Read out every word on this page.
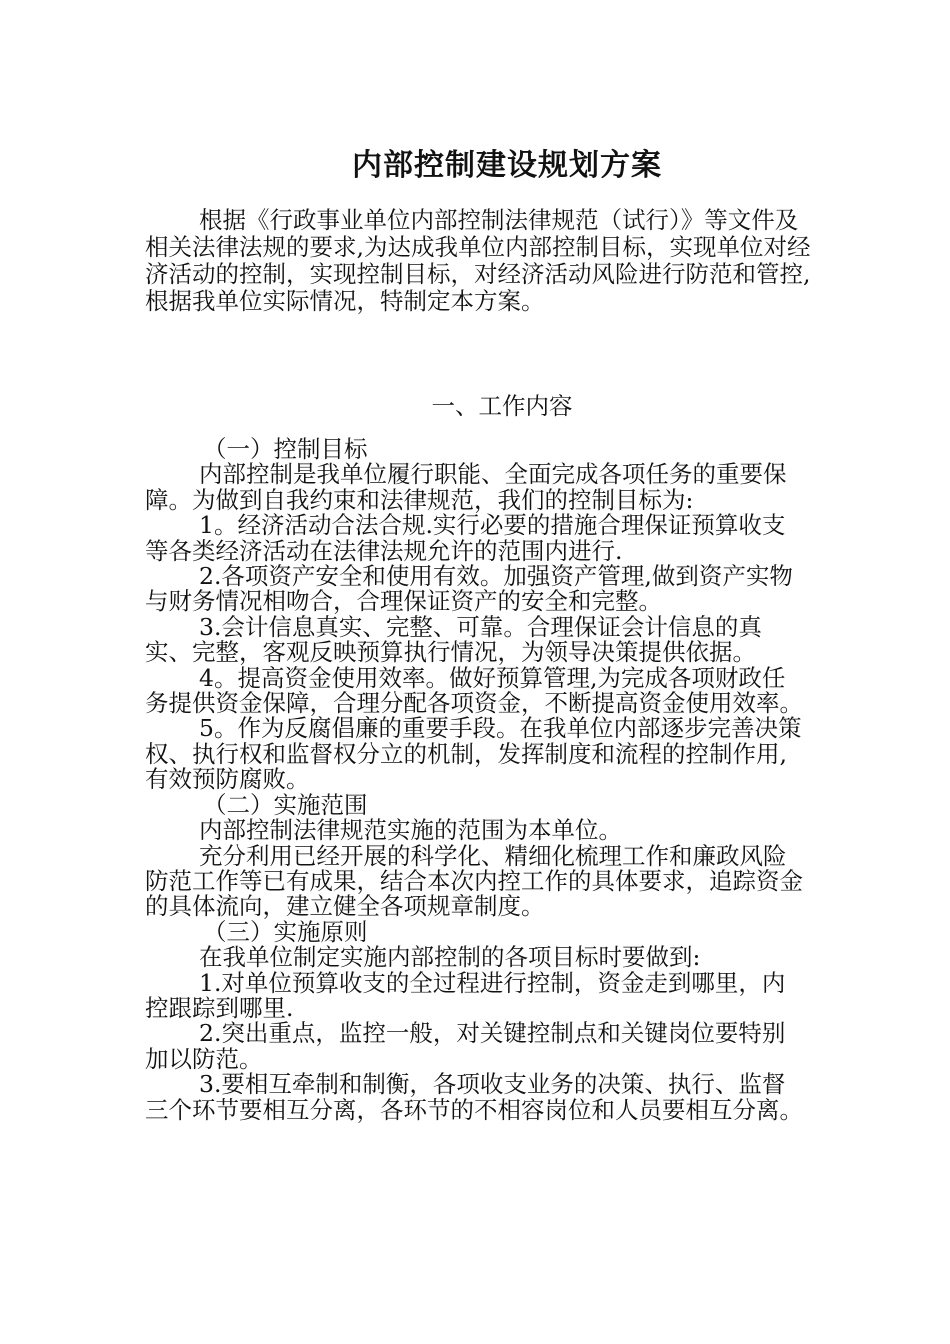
内部控制建设规划方案

根据《行政事业单位内部控制法律规范（试行）》等文件及相关法律法规的要求,为达成我单位内部控制目标，实现单位对经济活动的控制，实现控制目标，对经济活动风险进行防范和管控,根据我单位实际情况，特制定本方案。

一、工作内容

（一）控制目标

内部控制是我单位履行职能、全面完成各项任务的重要保障。为做到自我约束和法律规范，我们的控制目标为:

1。经济活动合法合规.实行必要的措施合理保证预算收支等各类经济活动在法律法规允许的范围内进行.

2.各项资产安全和使用有效。加强资产管理,做到资产实物与财务情况相吻合，合理保证资产的安全和完整。

3.会计信息真实、完整、可靠。合理保证会计信息的真实、完整，客观反映预算执行情况，为领导决策提供依据。

4。提高资金使用效率。做好预算管理,为完成各项财政任务提供资金保障，合理分配各项资金，不断提高资金使用效率。

5。作为反腐倡廉的重要手段。在我单位内部逐步完善决策权、执行权和监督权分立的机制，发挥制度和流程的控制作用,有效预防腐败。

（二）实施范围

内部控制法律规范实施的范围为本单位。

充分利用已经开展的科学化、精细化梳理工作和廉政风险防范工作等已有成果，结合本次内控工作的具体要求，追踪资金的具体流向，建立健全各项规章制度。

（三）实施原则

在我单位制定实施内部控制的各项目标时要做到:

1.对单位预算收支的全过程进行控制，资金走到哪里，内控跟踪到哪里.

2.突出重点，监控一般，对关键控制点和关键岗位要特别加以防范。

3.要相互牵制和制衡，各项收支业务的决策、执行、监督三个环节要相互分离，各环节的不相容岗位和人员要相互分离。
